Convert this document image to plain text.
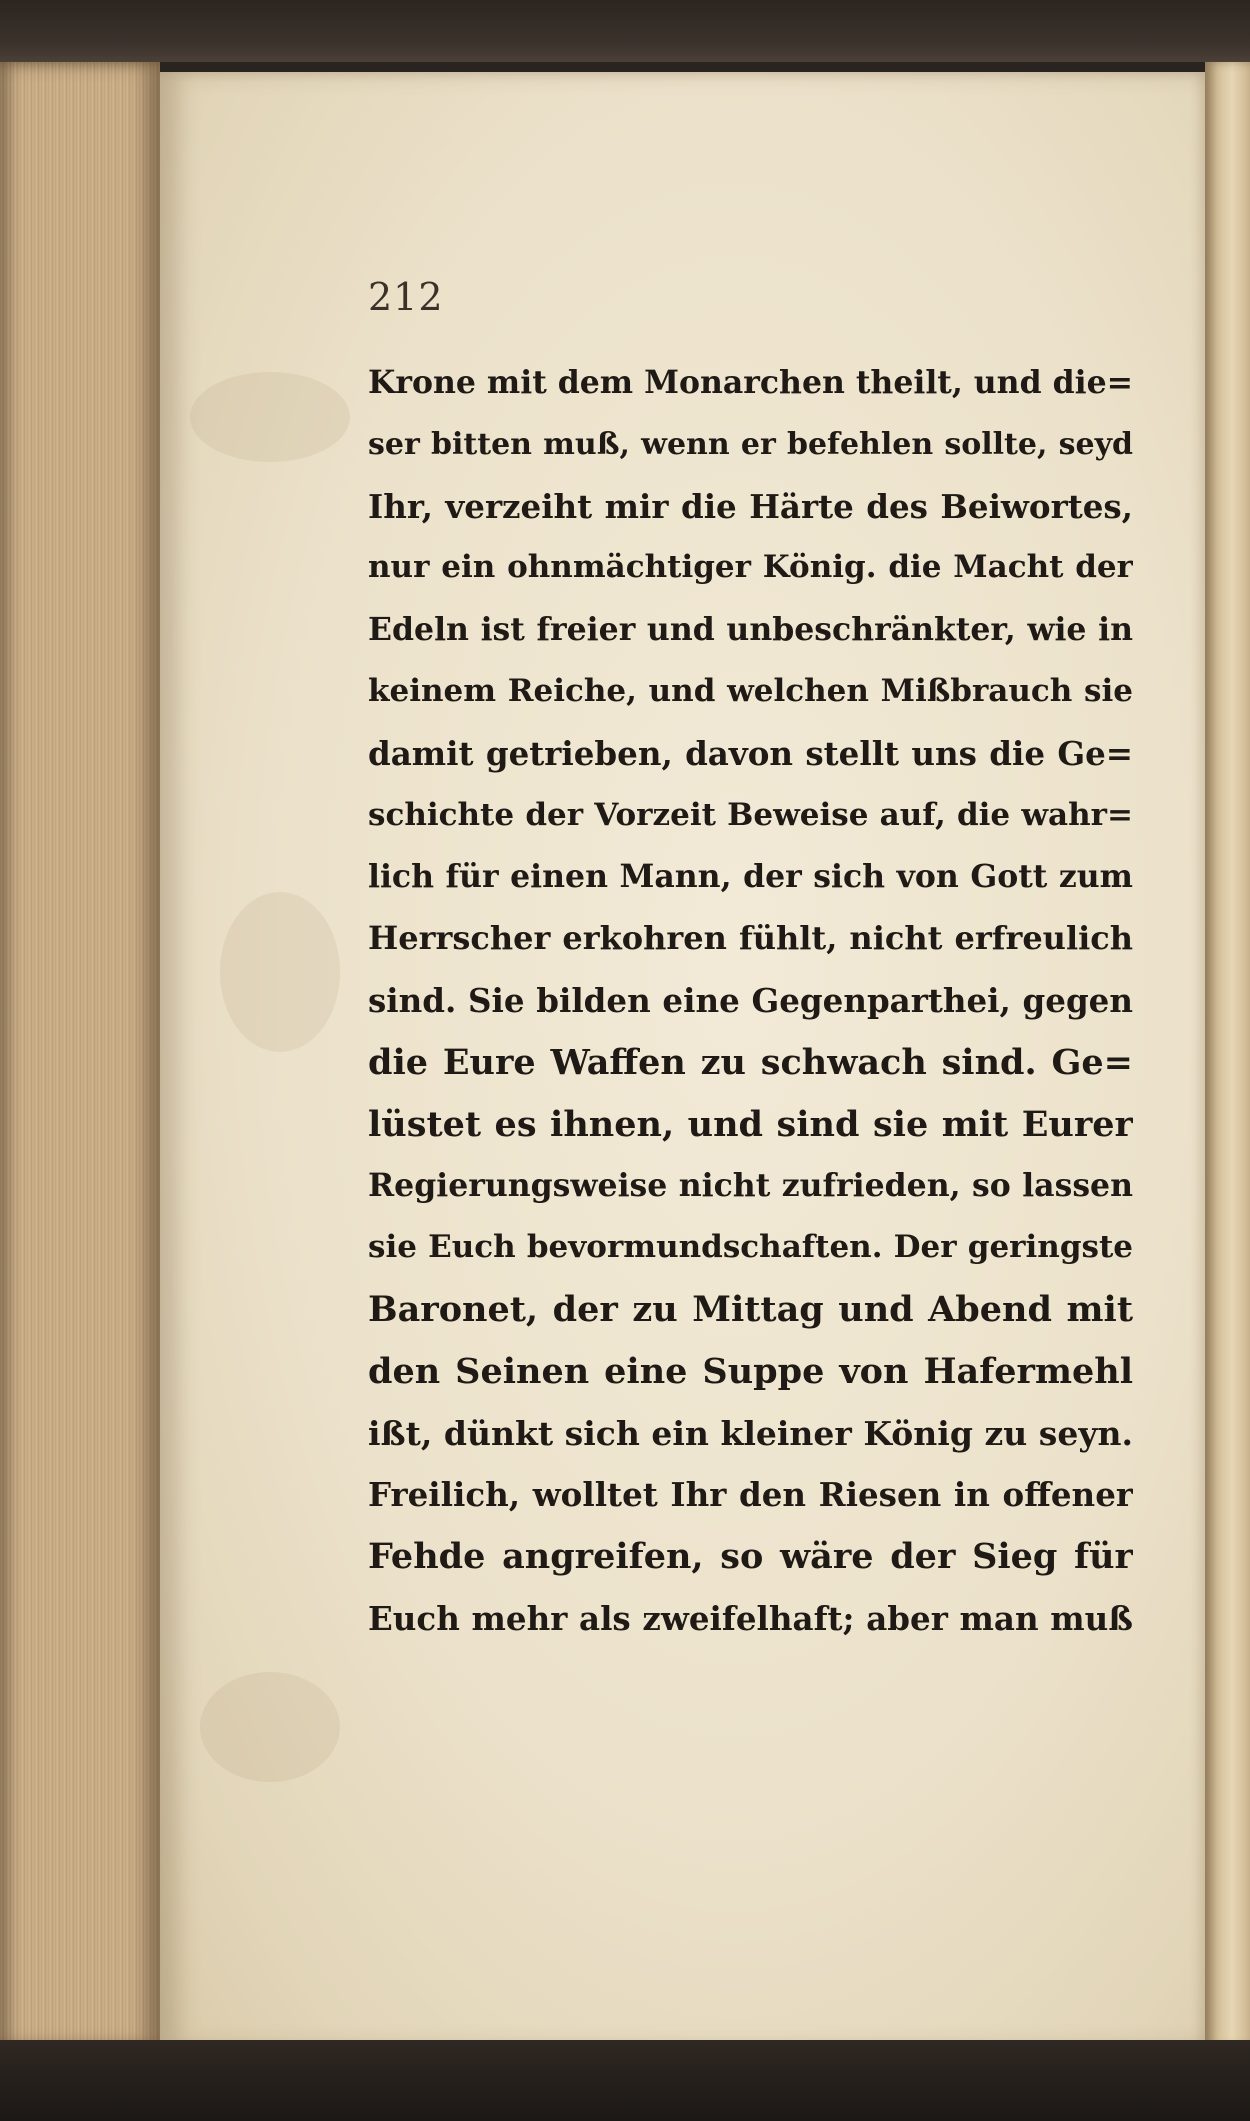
212
Krone mit dem Monarchen theilt, und die=
ser bitten muß, wenn er befehlen sollte, seyd
Ihr, verzeiht mir die Härte des Beiwortes,
nur ein ohnmächtiger König. die Macht der
Edeln ist freier und unbeschränkter, wie in
keinem Reiche, und welchen Mißbrauch sie
damit getrieben, davon stellt uns die Ge=
schichte der Vorzeit Beweise auf, die wahr=
lich für einen Mann, der sich von Gott zum
Herrscher erkohren fühlt, nicht erfreulich
sind. Sie bilden eine Gegenparthei, gegen
die Eure Waffen zu schwach sind. Ge=
lüstet es ihnen, und sind sie mit Eurer
Regierungsweise nicht zufrieden, so lassen
sie Euch bevormundschaften. Der geringste
Baronet, der zu Mittag und Abend mit
den Seinen eine Suppe von Hafermehl
ißt, dünkt sich ein kleiner König zu seyn.
Freilich, wolltet Ihr den Riesen in offener
Fehde angreifen, so wäre der Sieg für
Euch mehr als zweifelhaft; aber man muß
